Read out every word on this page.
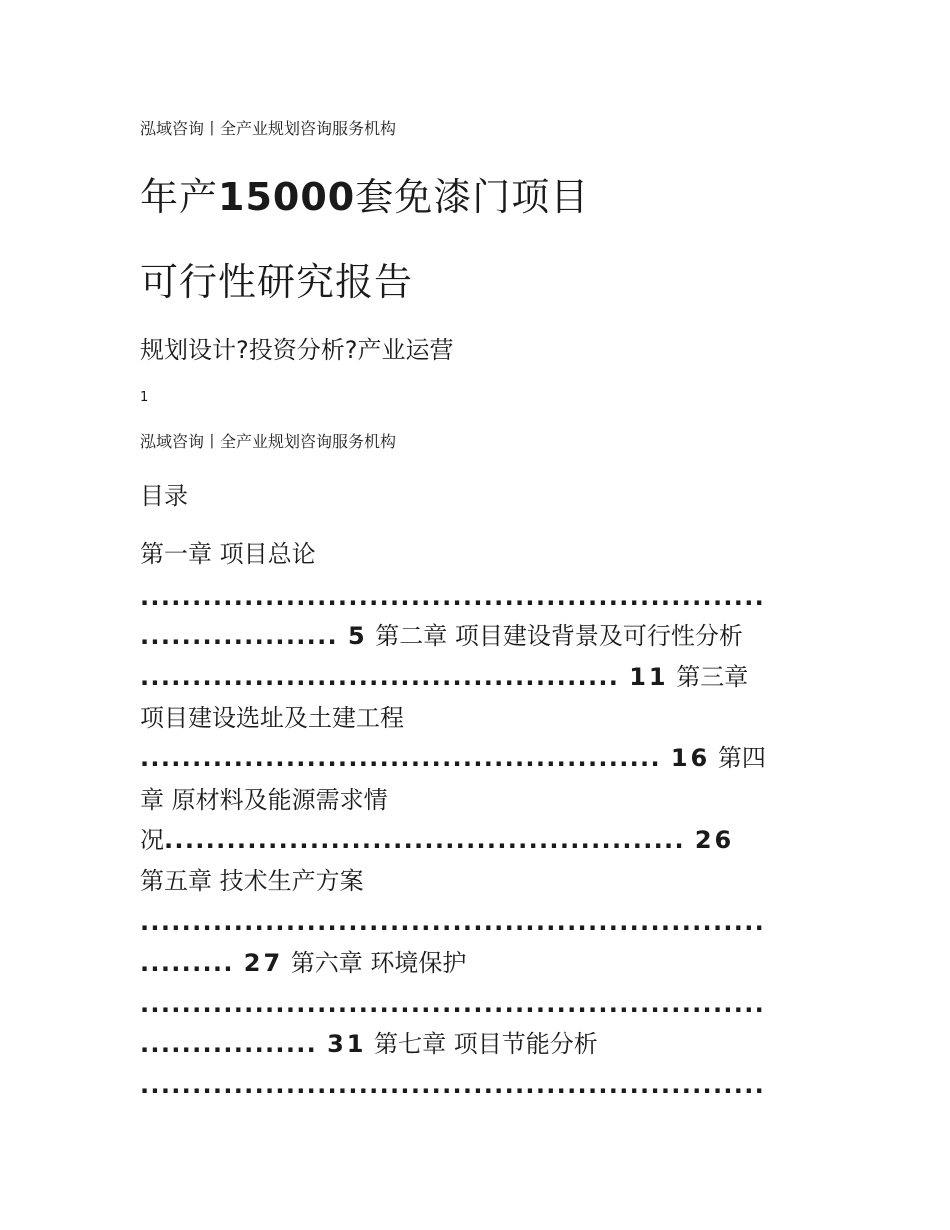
泓域咨询丨全产业规划咨询服务机构
年产15000套免漆门项目
可行性研究报告
规划设计?投资分析?产业运营
1
泓域咨询丨全产业规划咨询服务机构
目录
第一章 项目总论
............................................................
................... 5 第二章 项目建设背景及可行性分析
.............................................. 11 第三章
项目建设选址及土建工程
.................................................. 16 第四
章 原材料及能源需求情
况.................................................. 26
第五章 技术生产方案
............................................................
......... 27 第六章 环境保护
............................................................
................. 31 第七章 项目节能分析
............................................................
